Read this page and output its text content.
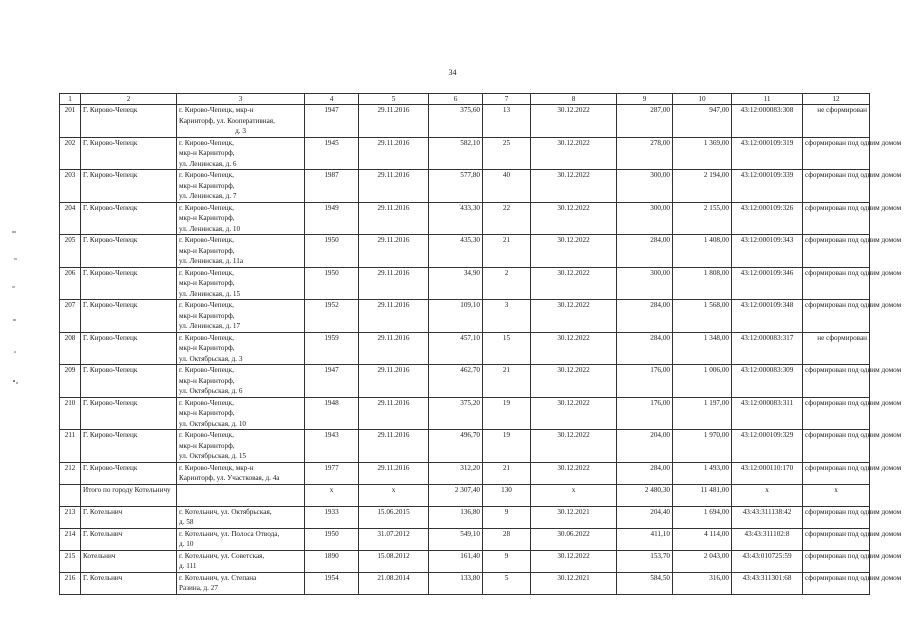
34
1	2	3	4	5	6	7	8	9	10	11	12
201	Г. Кирово-Чепецк	г. Кирово-Чепецк, мкр-н
Каринторф, ул. Кооперативная,
д. 3	1947	29.11.2016	375,60	13	30.12.2022	287,00	947,00	43:12:000083:308	не сформирован
202	Г. Кирово-Чепецк	г. Кирово-Чепецк,
мкр-н Каринторф,
ул. Ленинская, д. 6	1945	29.11.2016	582,10	25	30.12.2022	278,00	1 369,00	43:12:000109:319	сформирован под одним домом
203	Г. Кирово-Чепецк	г. Кирово-Чепецк,
мкр-н Каринторф,
ул. Ленинская, д. 7	1987	29.11.2016	577,80	40	30.12.2022	300,00	2 194,00	43:12:000109:339	сформирован под одним домом
204	Г. Кирово-Чепецк	г. Кирово-Чепецк,
мкр-н Каринторф,
ул. Ленинская, д. 10	1949	29.11.2016	433,30	22	30.12.2022	300,00	2 155,00	43:12:000109:326	сформирован под одним домом
205	Г. Кирово-Чепецк	г. Кирово-Чепецк,
мкр-н Каринторф,
ул. Ленинская, д. 11а	1950	29.11.2016	435,30	21	30.12.2022	284,00	1 408,00	43:12:000109:343	сформирован под одним домом
206	Г. Кирово-Чепецк	г. Кирово-Чепецк,
мкр-н Каринторф,
ул. Ленинская, д. 15	1950	29.11.2016	34,90	2	30.12.2022	300,00	1 808,00	43:12:000109:346	сформирован под одним домом
207	Г. Кирово-Чепецк	г. Кирово-Чепецк,
мкр-н Каринторф,
ул. Ленинская, д. 17	1952	29.11.2016	109,10	3	30.12.2022	284,00	1 568,00	43:12:000109:348	сформирован под одним домом
208	Г. Кирово-Чепецк	г. Кирово-Чепецк,
мкр-н Каринторф,
ул. Октябрьская, д. 3	1959	29.11.2016	457,10	15	30.12.2022	284,00	1 348,00	43:12:000083:317	не сформирован
209	Г. Кирово-Чепецк	г. Кирово-Чепецк,
мкр-н Каринторф,
ул. Октябрьская, д. 6	1947	29.11.2016	462,70	21	30.12.2022	176,00	1 006,00	43:12:000083:309	сформирован под одним домом
210	Г. Кирово-Чепецк	г. Кирово-Чепецк,
мкр-н Каринторф,
ул. Октябрьская, д. 10	1948	29.11.2016	375,20	19	30.12.2022	176,00	1 197,00	43:12:000083:311	сформирован под одним домом
211	Г. Кирово-Чепецк	г. Кирово-Чепецк,
мкр-н Каринторф,
ул. Октябрьская, д. 15	1943	29.11.2016	496,70	19	30.12.2022	204,00	1 970,00	43:12:000109:329	сформирован под одним домом
212	Г. Кирово-Чепецк	г. Кирово-Чепецк, мкр-н
Каринторф, ул. Участковая, д. 4а	1977	29.11.2016	312,20	21	30.12.2022	284,00	1 493,00	43:12:000110:170	сформирован под одним домом
	Итого по городу Котельничу		х	х	2 307,40	130	х	2 480,30	11 481,00	х	х
213	Г. Котельнич	г. Котельнич, ул. Октябрьская,
д. 58	1933	15.06.2015	136,80	9	30.12.2021	204,40	1 694,00	43:43:311138:42	сформирован под одним домом
214	Г. Котельнич	г. Котельнич, ул. Полоса Отвода,
д. 10	1950	31.07.2012	549,10	28	30.06.2022	411,10	4 114,00	43:43:311102:8	сформирован под одним домом
215	Котельнич	г. Котельнич, ул. Советская,
д. 111	1890	15.08.2012	161,40	9	30.12.2022	153,70	2 043,00	43:43:010725:59	сформирован под одним домом
216	Г. Котельнич	г. Котельнич, ул. Степана
Разина, д. 27	1954	21.08.2014	133,80	5	30.12.2021	584,50	316,00	43:43:311301:68	сформирован под одним домом
